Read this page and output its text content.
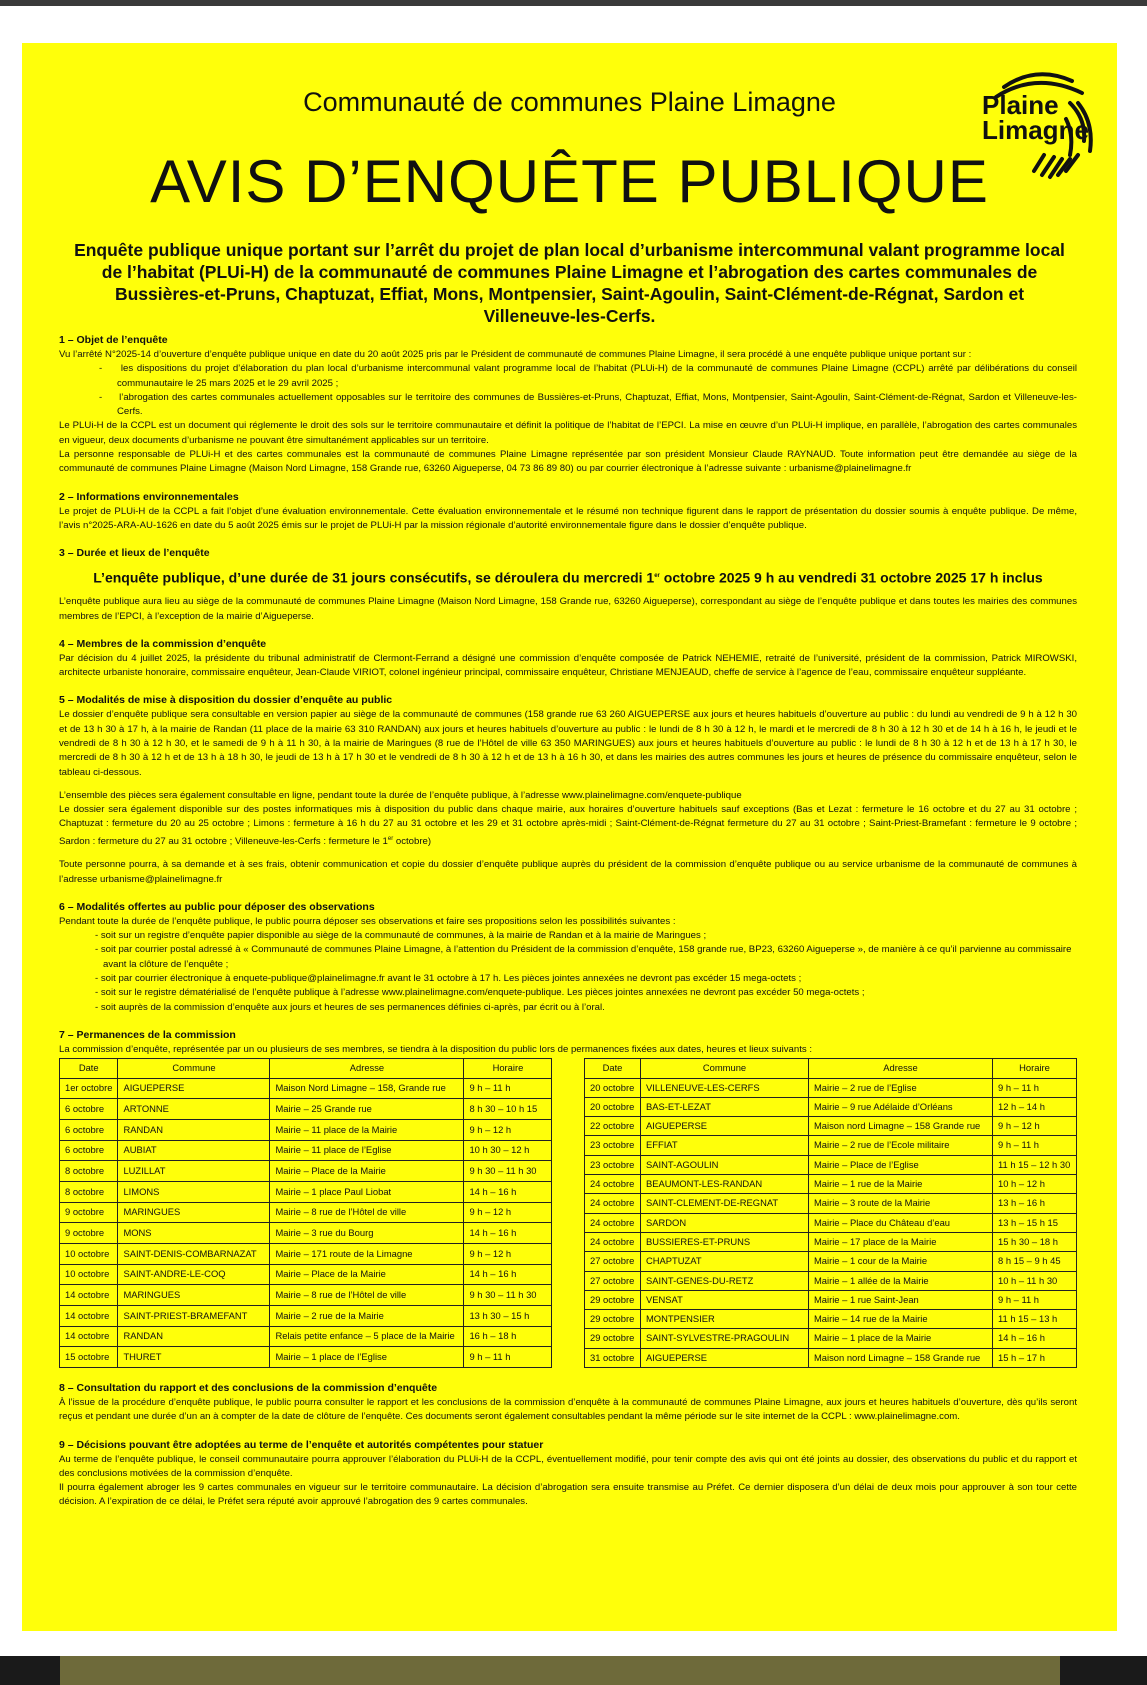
Communauté de communes Plaine Limagne	Plaine
Limagne
AVIS D’ENQUÊTE PUBLIQUE
Enquête publique unique portant sur l’arrêt du projet de plan local d’urbanisme intercommunal valant programme local de l’habitat (PLUi-H) de la communauté de communes Plaine Limagne et l’abrogation des cartes communales de Bussières-et-Pruns, Chaptuzat, Effiat, Mons, Montpensier, Saint-Agoulin, Saint-Clément-de-Régnat, Sardon et Villeneuve-les-Cerfs.
1 – Objet de l’enquête

Vu l’arrêté N°2025-14 d’ouverture d’enquête publique unique en date du 20 août 2025 pris par le Président de communauté de communes Plaine Limagne, il sera procédé à une enquête publique unique portant sur :

-     les dispositions du projet d’élaboration du plan local d’urbanisme intercommunal valant programme local de l’habitat (PLUi-H) de la communauté de communes Plaine Limagne (CCPL) arrêté par délibérations du conseil communautaire le 25 mars 2025 et le 29 avril 2025 ;
-     l’abrogation des cartes communales actuellement opposables sur le territoire des communes de Bussières-et-Pruns, Chaptuzat, Effiat, Mons, Montpensier, Saint-Agoulin, Saint-Clément-de-Régnat, Sardon et Villeneuve-les-Cerfs.

Le PLUi-H de la CCPL est un document qui réglemente le droit des sols sur le territoire communautaire et définit la politique de l’habitat de l’EPCI. La mise en œuvre d’un PLUi-H implique, en parallèle, l’abrogation des cartes communales en vigueur, deux documents d’urbanisme ne pouvant être simultanément applicables sur un territoire.

La personne responsable de PLUi-H et des cartes communales est la communauté de communes Plaine Limagne représentée par son président Monsieur Claude RAYNAUD. Toute information peut être demandée au siège de la communauté de communes Plaine Limagne (Maison Nord Limagne, 158 Grande rue, 63260 Aigueperse, 04 73 86 89 80) ou par courrier électronique à l’adresse suivante : urbanisme@plainelimagne.fr

2 – Informations environnementales

Le projet de PLUi-H de la CCPL a fait l’objet d’une évaluation environnementale. Cette évaluation environnementale et le résumé non technique figurent dans le rapport de présentation du dossier soumis à enquête publique. De même, l’avis n°2025-ARA-AU-1626 en date du 5 août 2025 émis sur le projet de PLUi-H par la mission régionale d’autorité environnementale figure dans le dossier d’enquête publique.

3 – Durée et lieux de l’enquête
L’enquête publique, d’une durée de 31 jours consécutifs, se déroulera du mercredi 1er octobre 2025 9 h au vendredi 31 octobre 2025 17 h inclus

L’enquête publique aura lieu au siège de la communauté de communes Plaine Limagne (Maison Nord Limagne, 158 Grande rue, 63260 Aigueperse), correspondant au siège de l’enquête publique et dans toutes les mairies des communes membres de l’EPCI, à l’exception de la mairie d’Aigueperse.

4 – Membres de la commission d’enquête

Par décision du 4 juillet 2025, la présidente du tribunal administratif de Clermont-Ferrand a désigné une commission d’enquête composée de Patrick NEHEMIE, retraité de l’université, président de la commission, Patrick MIROWSKI, architecte urbaniste honoraire, commissaire enquêteur, Jean-Claude VIRIOT, colonel ingénieur principal, commissaire enquêteur, Christiane MENJEAUD, cheffe de service à l’agence de l’eau, commissaire enquêteur suppléante.

5 – Modalités de mise à disposition du dossier d’enquête au public

Le dossier d’enquête publique sera consultable en version papier au siège de la communauté de communes (158 grande rue 63 260 AIGUEPERSE aux jours et heures habituels d’ouverture au public : du lundi au vendredi de 9 h à 12 h 30 et de 13 h 30 à 17 h, à la mairie de Randan (11 place de la mairie 63 310 RANDAN) aux jours et heures habituels d’ouverture au public : le lundi de 8 h 30 à 12 h, le mardi et le mercredi de 8 h 30 à 12 h 30 et de 14 h à 16 h, le jeudi et le vendredi de 8 h 30 à 12 h 30, et le samedi de 9 h à 11 h 30, à la mairie de Maringues (8 rue de l’Hôtel de ville 63 350 MARINGUES) aux jours et heures habituels d’ouverture au public : le lundi de 8 h 30 à 12 h et de 13 h à 17 h 30, le mercredi de 8 h 30 à 12 h et de 13 h à 18 h 30, le jeudi de 13 h à 17 h 30 et le vendredi de 8 h 30 à 12 h et de 13 h à 16 h 30, et dans les mairies des autres communes les jours et heures de présence du commissaire enquêteur, selon le tableau ci-dessous.

L’ensemble des pièces sera également consultable en ligne, pendant toute la durée de l’enquête publique, à l’adresse www.plainelimagne.com/enquete-publique

Le dossier sera également disponible sur des postes informatiques mis à disposition du public dans chaque mairie, aux horaires d’ouverture habituels sauf exceptions (Bas et Lezat : fermeture le 16 octobre et du 27 au 31 octobre ; Chaptuzat : fermeture du 20 au 25 octobre ; Limons : fermeture à 16 h du 27 au 31 octobre et les 29 et 31 octobre après-midi ; Saint-Clément-de-Régnat fermeture du 27 au 31 octobre ; Saint-Priest-Bramefant : fermeture le 9 octobre ; Sardon : fermeture du 27 au 31 octobre ; Villeneuve-les-Cerfs : fermeture le 1er octobre)

Toute personne pourra, à sa demande et à ses frais, obtenir communication et copie du dossier d’enquête publique auprès du président de la commission d’enquête publique ou au service urbanisme de la communauté de communes à l’adresse urbanisme@plainelimagne.fr

6 – Modalités offertes au public pour déposer des observations

Pendant toute la durée de l’enquête publique, le public pourra déposer ses observations et faire ses propositions selon les possibilités suivantes :

- soit sur un registre d’enquête papier disponible au siège de la communauté de communes, à la mairie de Randan et à la mairie de Maringues ;
- soit par courrier postal adressé à « Communauté de communes Plaine Limagne, à l’attention du Président de la commission d’enquête, 158 grande rue, BP23, 63260 Aigueperse », de manière à ce qu’il parvienne au commissaire avant la clôture de l’enquête ;
- soit par courrier électronique à enquete-publique@plainelimagne.fr avant le 31 octobre à 17 h. Les pièces jointes annexées ne devront pas excéder 15 mega-octets ;
- soit sur le registre dématérialisé de l’enquête publique à l’adresse www.plainelimagne.com/enquete-publique. Les pièces jointes annexées ne devront pas excéder 50 mega-octets ;
- soit auprès de la commission d’enquête aux jours et heures de ses permanences définies ci-après, par écrit ou à l’oral.
7 – Permanences de la commission

La commission d’enquête, représentée par un ou plusieurs de ses membres, se tiendra à la disposition du public lors de permanences fixées aux dates, heures et lieux suivants :

Date	Commune	Adresse	Horaire
1er octobre	AIGUEPERSE	Maison Nord Limagne – 158, Grande rue	9 h – 11 h
6 octobre	ARTONNE	Mairie – 25 Grande rue	8 h 30 – 10 h 15
6 octobre	RANDAN	Mairie – 11 place de la Mairie	9 h – 12 h
6 octobre	AUBIAT	Mairie – 11 place de l’Eglise	10 h 30 – 12 h
8 octobre	LUZILLAT	Mairie – Place de la Mairie	9 h 30 – 11 h 30
8 octobre	LIMONS	Mairie – 1 place Paul Liobat	14 h – 16 h
9 octobre	MARINGUES	Mairie – 8 rue de l’Hôtel de ville	9 h – 12 h
9 octobre	MONS	Mairie – 3 rue du Bourg	14 h – 16 h
10 octobre	SAINT-DENIS-COMBARNAZAT	Mairie – 171 route de la Limagne	9 h – 12 h
10 octobre	SAINT-ANDRE-LE-COQ	Mairie – Place de la Mairie	14 h – 16 h
14 octobre	MARINGUES	Mairie – 8 rue de l’Hôtel de ville	9 h 30 – 11 h 30
14 octobre	SAINT-PRIEST-BRAMEFANT	Mairie – 2 rue de la Mairie	13 h 30 – 15 h
14 octobre	RANDAN	Relais petite enfance – 5 place de la Mairie	16 h – 18 h
15 octobre	THURET	Mairie – 1 place de l’Eglise	9 h – 11 h
Date	Commune	Adresse	Horaire
20 octobre	VILLENEUVE-LES-CERFS	Mairie – 2 rue de l’Eglise	9 h – 11 h
20 octobre	BAS-ET-LEZAT	Mairie – 9 rue Adélaide d’Orléans	12 h – 14 h
22 octobre	AIGUEPERSE	Maison nord Limagne – 158 Grande rue	9 h – 12 h
23 octobre	EFFIAT	Mairie – 2 rue de l’Ecole militaire	9 h – 11 h
23 octobre	SAINT-AGOULIN	Mairie – Place de l’Eglise	11 h 15 – 12 h 30
24 octobre	BEAUMONT-LES-RANDAN	Mairie – 1 rue de la Mairie	10 h – 12 h
24 octobre	SAINT-CLEMENT-DE-REGNAT	Mairie – 3 route de la Mairie	13 h – 16 h
24 octobre	SARDON	Mairie – Place du Château d’eau	13 h – 15 h 15
24 octobre	BUSSIERES-ET-PRUNS	Mairie – 17 place de la Mairie	15 h 30 – 18 h
27 octobre	CHAPTUZAT	Mairie – 1 cour de la Mairie	8 h 15 – 9 h 45
27 octobre	SAINT-GENES-DU-RETZ	Mairie – 1 allée de la Mairie	10 h – 11 h 30
29 octobre	VENSAT	Mairie – 1 rue Saint-Jean	9 h – 11 h
29 octobre	MONTPENSIER	Mairie – 14 rue de la Mairie	11 h 15 – 13 h
29 octobre	SAINT-SYLVESTRE-PRAGOULIN	Mairie – 1 place de la Mairie	14 h – 16 h
31 octobre	AIGUEPERSE	Maison nord Limagne – 158 Grande rue	15 h – 17 h
8 – Consultation du rapport et des conclusions de la commission d’enquête

À l’issue de la procédure d’enquête publique, le public pourra consulter le rapport et les conclusions de la commission d’enquête à la communauté de communes Plaine Limagne, aux jours et heures habituels d’ouverture, dès qu’ils seront reçus et pendant une durée d’un an à compter de la date de clôture de l’enquête. Ces documents seront également consultables pendant la même période sur le site internet de la CCPL : www.plainelimagne.com.

9 – Décisions pouvant être adoptées au terme de l’enquête et autorités compétentes pour statuer

Au terme de l’enquête publique, le conseil communautaire pourra approuver l’élaboration du PLUi-H de la CCPL, éventuellement modifié, pour tenir compte des avis qui ont été joints au dossier, des observations du public et du rapport et des conclusions motivées de la commission d’enquête.

Il pourra également abroger les 9 cartes communales en vigueur sur le territoire communautaire. La décision d’abrogation sera ensuite transmise au Préfet. Ce dernier disposera d’un délai de deux mois pour approuver à son tour cette décision. A l’expiration de ce délai, le Préfet sera réputé avoir approuvé l’abrogation des 9 cartes communales.
